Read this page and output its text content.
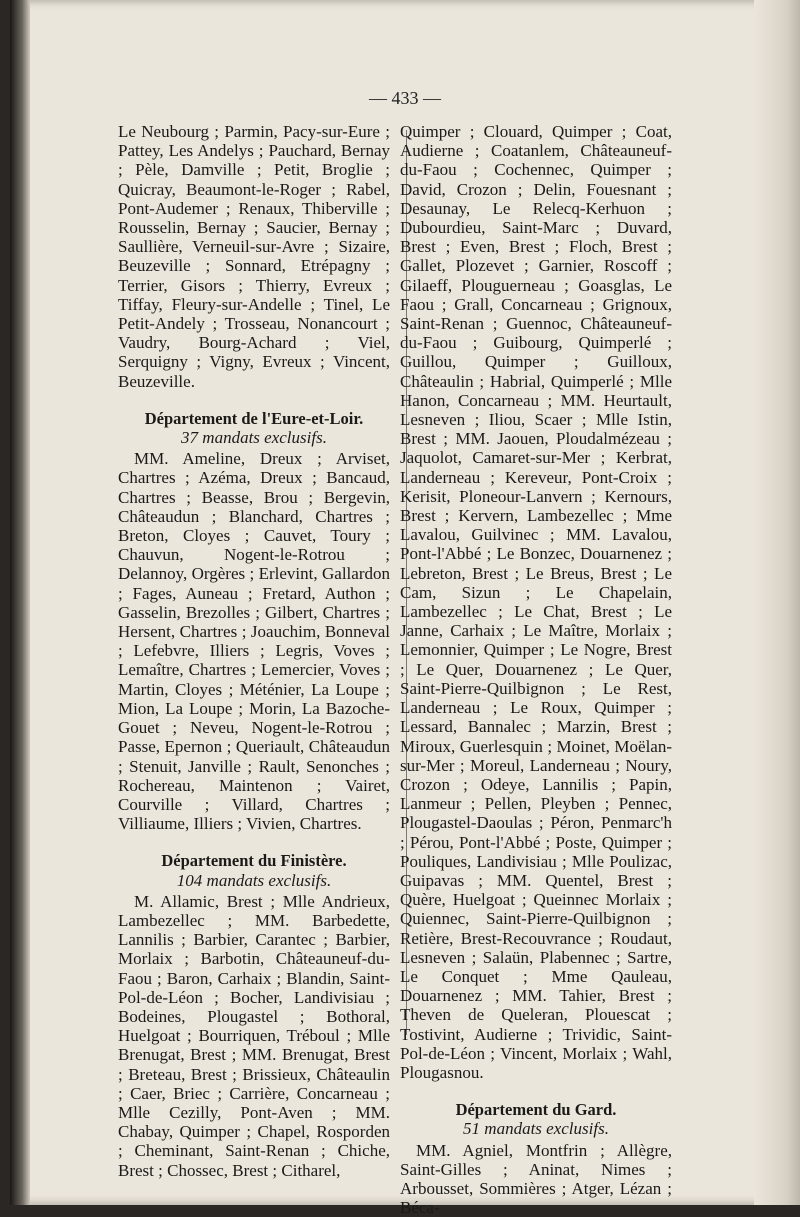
— 433 —

Le Neubourg ; Parmin, Pacy-sur-Eure ; Pattey, Les Andelys ; Pauchard, Bernay ; Pèle, Damville ; Petit, Broglie ; Quicray, Beaumont-le-Roger ; Rabel, Pont-Audemer ; Renaux, Thiberville ; Rousselin, Bernay ; Saucier, Bernay ; Saullière, Verneuil-sur-Avre ; Sizaire, Beuzeville ; Sonnard, Etrépagny ; Terrier, Gisors ; Thierry, Evreux ; Tiffay, Fleury-sur-Andelle ; Tinel, Le Petit-Andely ; Trosseau, Nonancourt ; Vaudry, Bourg-Achard ; Viel, Serquigny ; Vigny, Evreux ; Vincent, Beuzeville.

Département de l'Eure-et-Loir.

37 mandats exclusifs.

MM. Ameline, Dreux ; Arviset, Chartres ; Azéma, Dreux ; Bancaud, Chartres ; Beasse, Brou ; Bergevin, Châteaudun ; Blanchard, Chartres ; Breton, Cloyes ; Cauvet, Toury ; Chauvun, Nogent-le-Rotrou ; Delannoy, Orgères ; Erlevint, Gallardon ; Fages, Auneau ; Fretard, Authon ; Gasselin, Brezolles ; Gilbert, Chartres ; Hersent, Chartres ; Joauchim, Bonneval ; Lefebvre, Illiers ; Legris, Voves ; Lemaître, Chartres ; Lemercier, Voves ; Martin, Cloyes ; Méténier, La Loupe ; Mion, La Loupe ; Morin, La Bazoche-Gouet ; Neveu, Nogent-le-Rotrou ; Passe, Epernon ; Queriault, Châteaudun ; Stenuit, Janville ; Rault, Senonches ; Rochereau, Maintenon ; Vairet, Courville ; Villard, Chartres ; Villiaume, Illiers ; Vivien, Chartres.

Département du Finistère.

104 mandats exclusifs.

M. Allamic, Brest ; Mlle Andrieux, Lambezellec ; MM. Barbedette, Lannilis ; Barbier, Carantec ; Barbier, Morlaix ; Barbotin, Châteauneuf-du-Faou ; Baron, Carhaix ; Blandin, Saint-Pol-de-Léon ; Bocher, Landivisiau ; Bodeines, Plougastel ; Bothoral, Huelgoat ; Bourriquen, Tréboul ; Mlle Brenugat, Brest ; MM. Brenugat, Brest ; Breteau, Brest ; Brissieux, Châteaulin ; Caer, Briec ; Carrière, Concarneau ; Mlle Cezilly, Pont-Aven ; MM. Chabay, Quimper ; Chapel, Rosporden ; Cheminant, Saint-Renan ; Chiche, Brest ; Chossec, Brest ; Citharel,

Quimper ; Clouard, Quimper ; Coat, Audierne ; Coatanlem, Châteauneuf-du-Faou ; Cochennec, Quimper ; David, Crozon ; Delin, Fouesnant ; Desaunay, Le Relecq-Kerhuon ; Dubourdieu, Saint-Marc ; Duvard, Brest ; Even, Brest ; Floch, Brest ; Gallet, Plozevet ; Garnier, Roscoff ; Gilaeff, Plouguerneau ; Goasglas, Le Faou ; Grall, Concarneau ; Grignoux, Saint-Renan ; Guennoc, Châteauneuf-du-Faou ; Guibourg, Quimperlé ; Guillou, Quimper ; Guilloux, Châteaulin ; Habrial, Quimperlé ; Mlle Hanon, Concarneau ; MM. Heurtault, Lesneven ; Iliou, Scaer ; Mlle Istin, Brest ; MM. Jaouen, Ploudalmézeau ; Jaquolot, Camaret-sur-Mer ; Kerbrat, Landerneau ; Kereveur, Pont-Croix ; Kerisit, Ploneour-Lanvern ; Kernours, Brest ; Kervern, Lambezellec ; Mme Lavalou, Guilvinec ; MM. Lavalou, Pont-l'Abbé ; Le Bonzec, Douarnenez ; Lebreton, Brest ; Le Breus, Brest ; Le Cam, Sizun ; Le Chapelain, Lambezellec ; Le Chat, Brest ; Le Janne, Carhaix ; Le Maître, Morlaix ; Lemonnier, Quimper ; Le Nogre, Brest ; Le Quer, Douarnenez ; Le Quer, Saint-Pierre-Quilbignon ; Le Rest, Landerneau ; Le Roux, Quimper ; Lessard, Bannalec ; Marzin, Brest ; Miroux, Guerlesquin ; Moinet, Moëlan-sur-Mer ; Moreul, Landerneau ; Noury, Crozon ; Odeye, Lannilis ; Papin, Lanmeur ; Pellen, Pleyben ; Pennec, Plougastel-Daoulas ; Péron, Penmarc'h ; Pérou, Pont-l'Abbé ; Poste, Quimper ; Pouliques, Landivisiau ; Mlle Poulizac, Guipavas ; MM. Quentel, Brest ; Quère, Huelgoat ; Queinnec Morlaix ; Quiennec, Saint-Pierre-Quilbignon ; Retière, Brest-Recouvrance ; Roudaut, Lesneven ; Salaün, Plabennec ; Sartre, Le Conquet ; Mme Qauleau, Douarnenez ; MM. Tahier, Brest ; Theven de Queleran, Plouescat ; Tostivint, Audierne ; Trividic, Saint-Pol-de-Léon ; Vincent, Morlaix ; Wahl, Plougasnou.

Département du Gard.

51 mandats exclusifs.

MM. Agniel, Montfrin ; Allègre, Saint-Gilles ; Aninat, Nimes ; Arbousset, Sommières ; Atger, Lézan ; Béca-
